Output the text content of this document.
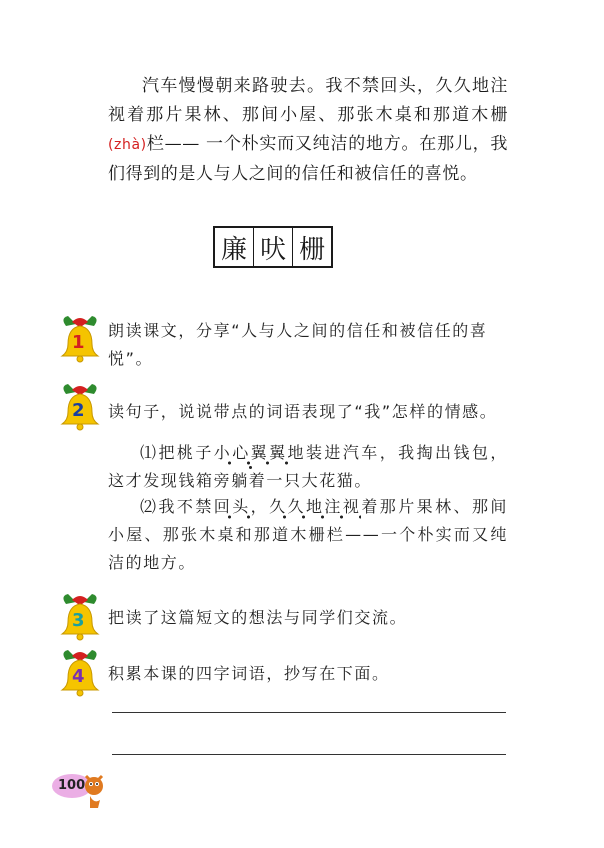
汽车慢慢朝来路驶去。我不禁回头，久久地注视着那片果林、那间小屋、那张木桌和那道木栅(zhà)栏—— 一个朴实而又纯洁的地方。在那儿，我们得到的是人与人之间的信任和被信任的喜悦。
廉 吠 栅
1
朗读课文，分享“人与人之间的信任和被信任的喜悦”。
2 读句子，说说带点的词语表现了“我”怎样的情感。
⑴把桃子小心翼翼地装进汽车，我掏出钱包，这才发现钱箱旁躺着一只大花猫。
⑵我不禁回头，久久地注视着那片果林、那间小屋、那张木桌和那道木栅栏——一个朴实而又纯洁的地方。
3 把读了这篇短文的想法与同学们交流。
4 积累本课的四字词语，抄写在下面。
100
